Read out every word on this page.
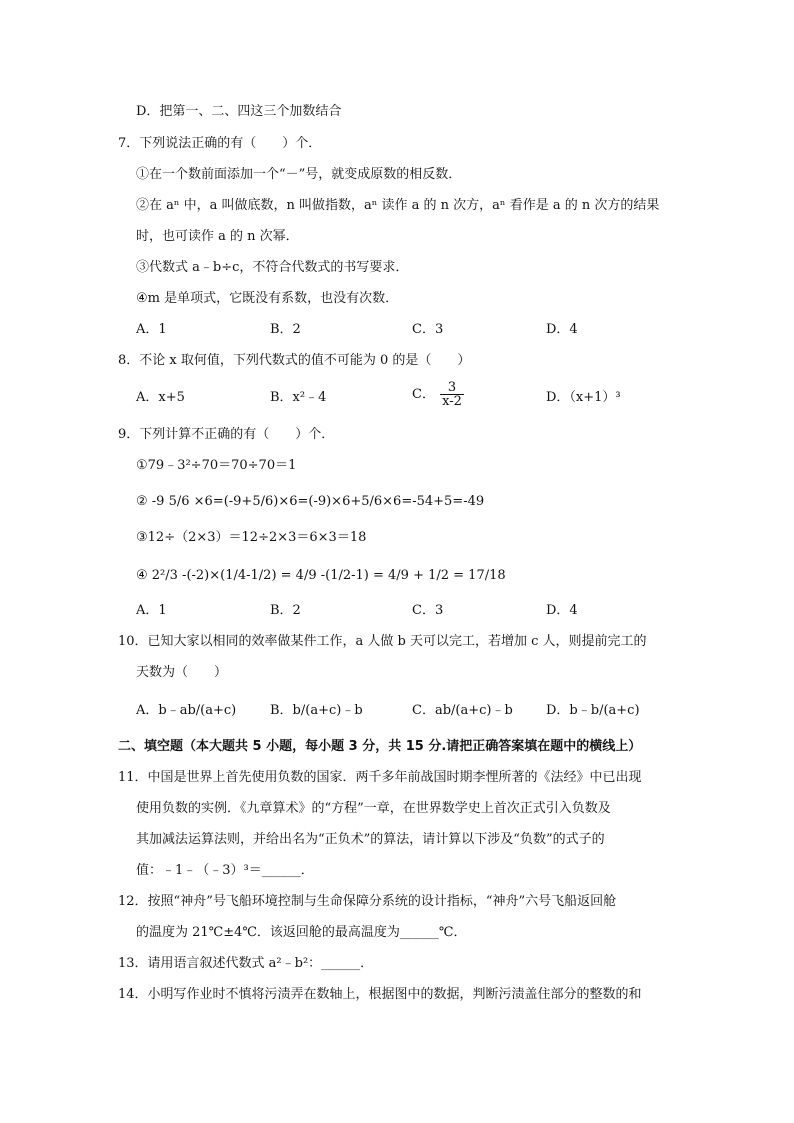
D．把第一、二、四这三个加数结合
7．下列说法正确的有（　　）个．
①在一个数前面添加一个“－”号，就变成原数的相反数．
②在 aⁿ 中，a 叫做底数，n 叫做指数，aⁿ 读作 a 的 n 次方，aⁿ 看作是 a 的 n 次方的结果
时，也可读作 a 的 n 次幂．
③代数式 a﹣b÷c，不符合代数式的书写要求．
④m 是单项式，它既没有系数，也没有次数．
A．1	B．2	C．3	D．4
8．不论 x 取何值，下列代数式的值不可能为 0 的是（　　）
A．x+5	B．x²﹣4	C． $\frac{3}{x-2}$	D．（x+1）³
9．下列计算不正确的有（　　）个．
①79﹣3²÷70＝70÷70＝1
② -9 5/6 ×6=(-9+5/6)×6=(-9)×6+5/6×6=-54+5=-49
③12÷（2×3）＝12÷2×3＝6×3＝18
④ 2²/3 -(-2)×(1/4-1/2) = 4/9 -(1/2-1) = 4/9 + 1/2 = 17/18
A．1	B．2	C．3	D．4
10．已知大家以相同的效率做某件工作，a 人做 b 天可以完工，若增加 c 人，则提前完工的
天数为（　　）
A．b﹣ab/(a+c)	B．b/(a+c)﹣b	C．ab/(a+c)﹣b	D．b﹣b/(a+c)
二、填空题（本大题共 5 小题，每小题 3 分，共 15 分.请把正确答案填在题中的横线上）
11．中国是世界上首先使用负数的国家．两千多年前战国时期李悝所著的《法经》中已出现
使用负数的实例．《九章算术》的“方程”一章，在世界数学史上首次正式引入负数及
其加减法运算法则，并给出名为“正负术”的算法，请计算以下涉及“负数”的式子的
值：﹣1﹣（﹣3）³＝______．
12．按照“神舟”号飞船环境控制与生命保障分系统的设计指标，“神舟”六号飞船返回舱
的温度为 21℃±4℃．该返回舱的最高温度为______℃．
13．请用语言叙述代数式 a²﹣b²：______．
14．小明写作业时不慎将污渍弄在数轴上，根据图中的数据，判断污渍盖住部分的整数的和
